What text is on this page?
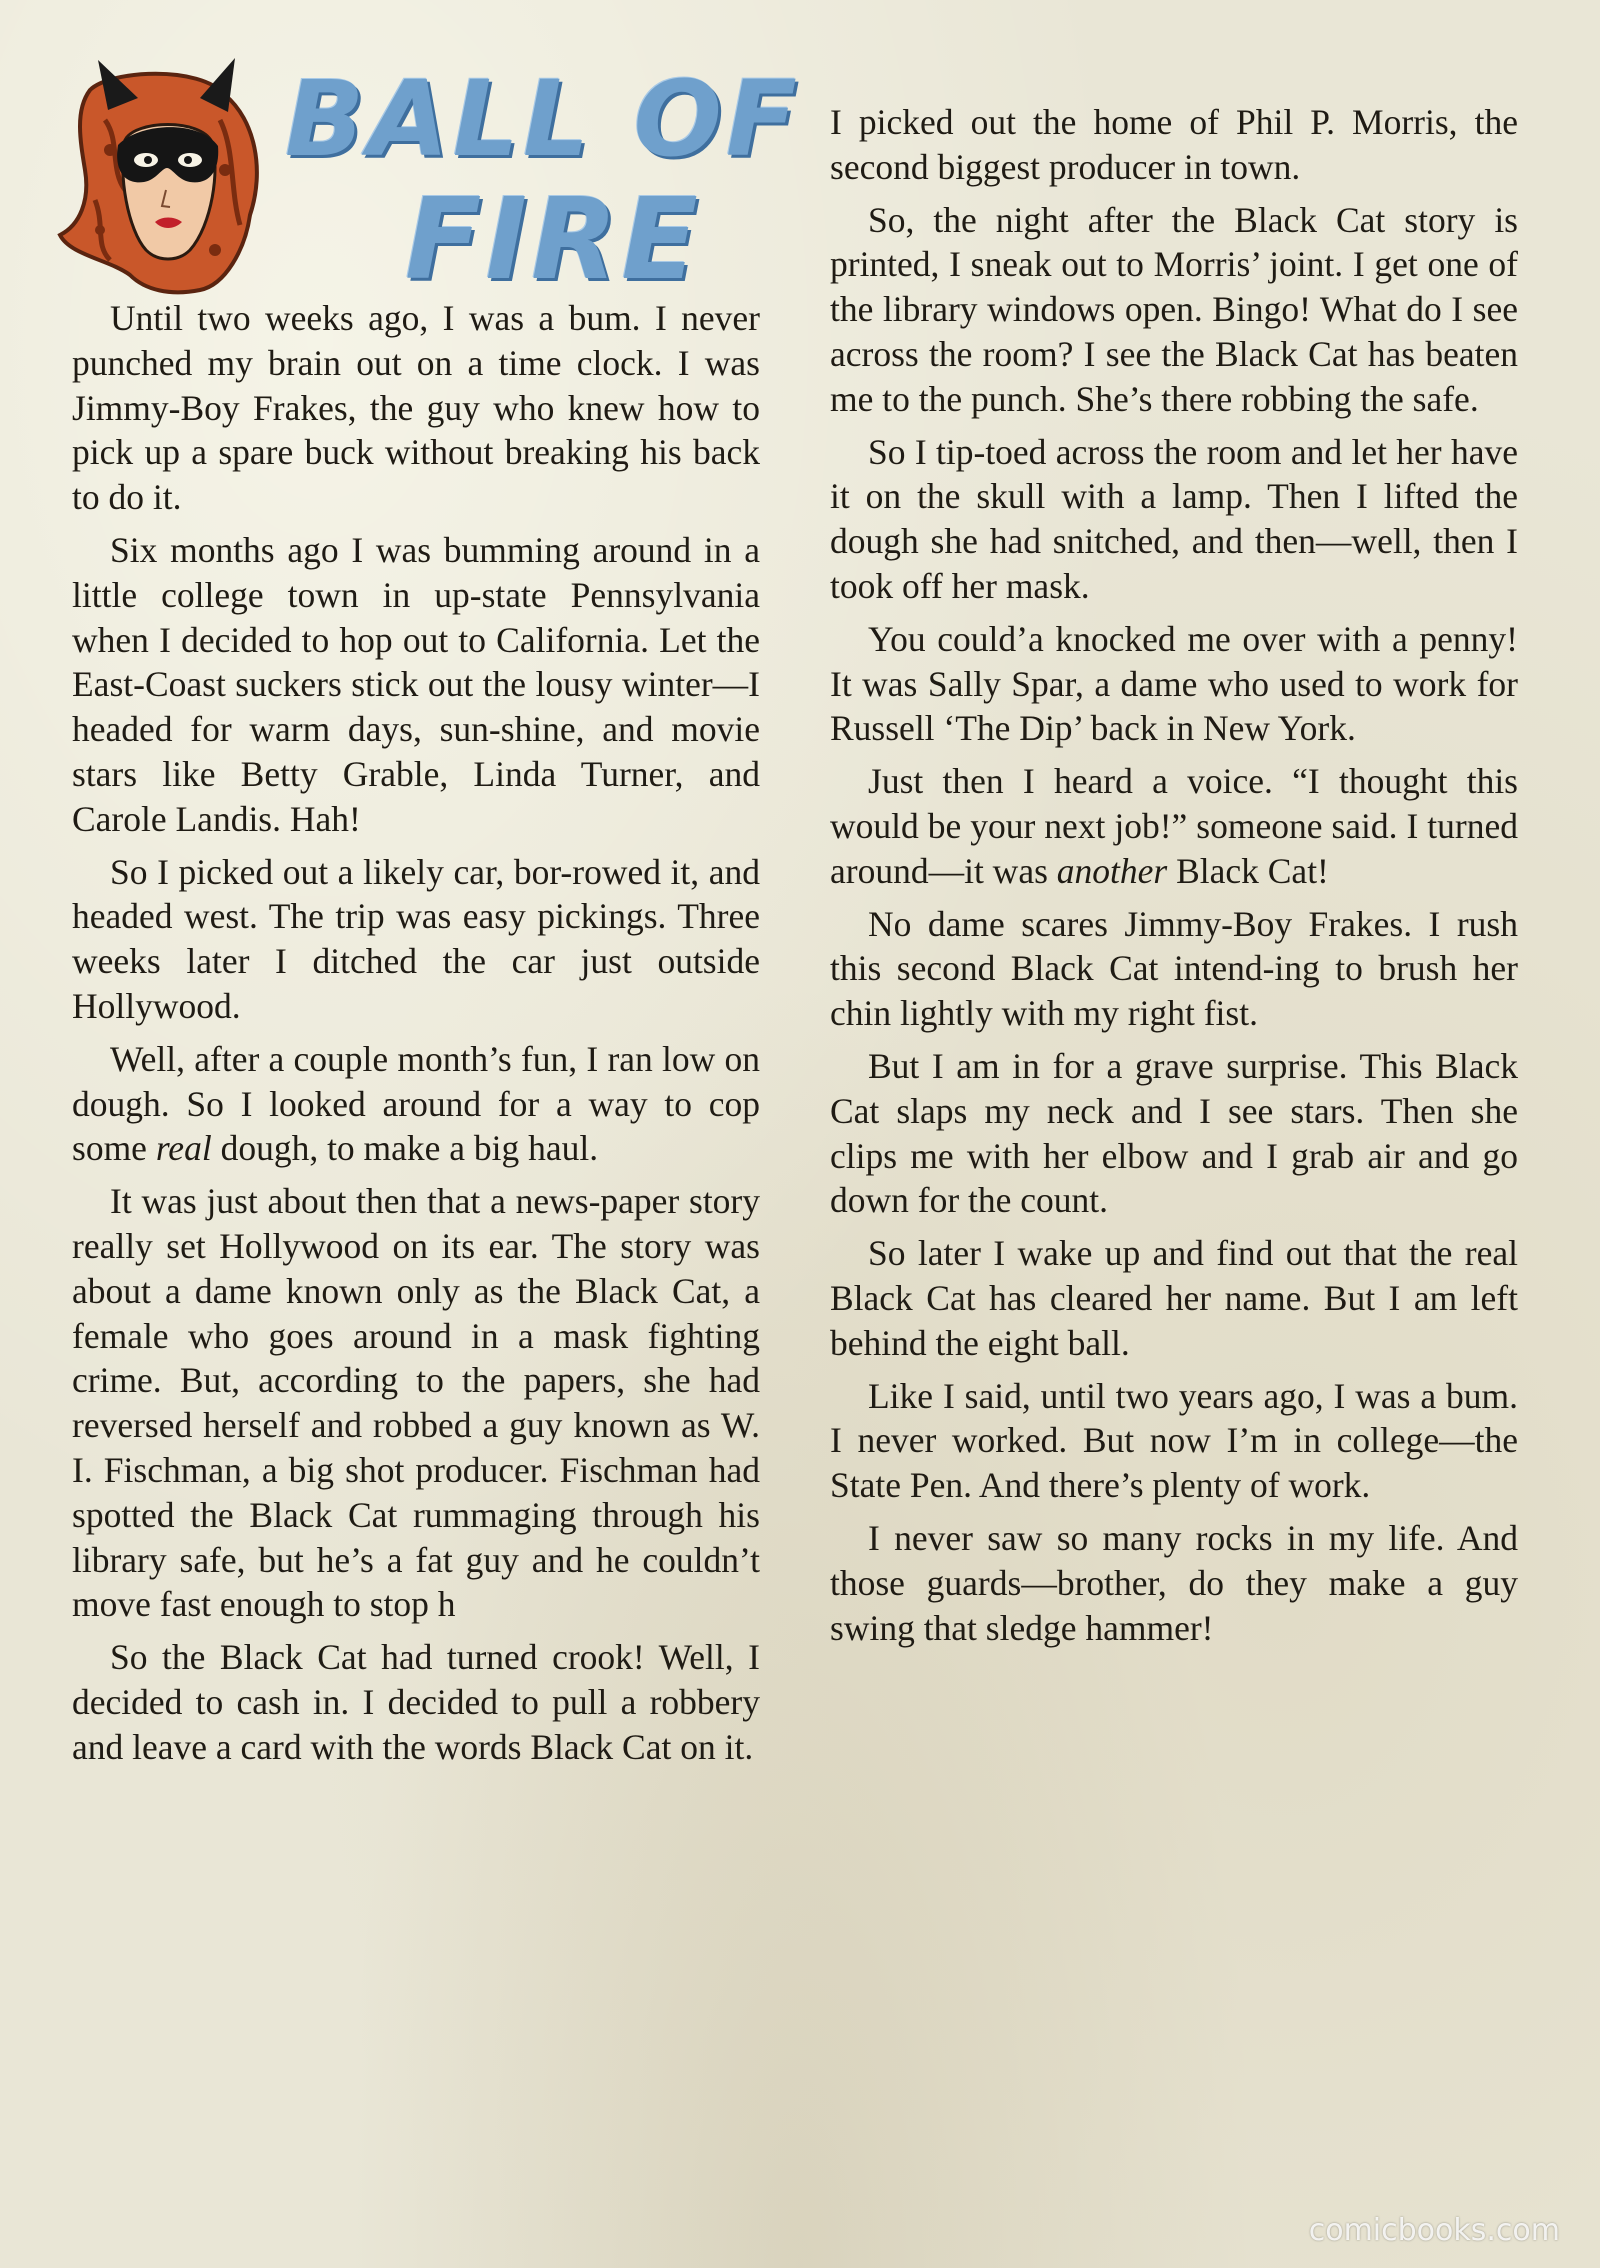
BALL OF
FIRE

Until two weeks ago, I was a bum. I never punched my brain out on a time clock. I was Jimmy-Boy Frakes, the guy who knew how to pick up a spare buck without breaking his back to do it.

Six months ago I was bumming around in a little college town in up-state Pennsylvania when I decided to hop out to California. Let the East-Coast suckers stick out the lousy winter—I headed for warm days, sun-shine, and movie stars like Betty Grable, Linda Turner, and Carole Landis. Hah!

So I picked out a likely car, bor-rowed it, and headed west. The trip was easy pickings. Three weeks later I ditched the car just outside Hollywood.

Well, after a couple month’s fun, I ran low on dough. So I looked around for a way to cop some real dough, to make a big haul.

It was just about then that a news-paper story really set Hollywood on its ear. The story was about a dame known only as the Black Cat, a female who goes around in a mask fighting crime. But, according to the papers, she had reversed herself and robbed a guy known as W. I. Fischman, a big shot producer. Fischman had spotted the Black Cat rummaging through his library safe, but he’s a fat guy and he couldn’t move fast enough to stop h

So the Black Cat had turned crook! Well, I decided to cash in. I decided to pull a robbery and leave a card with the words Black Cat on it.

I picked out the home of Phil P. Morris, the second biggest producer in town.

So, the night after the Black Cat story is printed, I sneak out to Morris’ joint. I get one of the library windows open. Bingo! What do I see across the room? I see the Black Cat has beaten me to the punch. She’s there robbing the safe.

So I tip-toed across the room and let her have it on the skull with a lamp. Then I lifted the dough she had snitched, and then—well, then I took off her mask.

You could’a knocked me over with a penny! It was Sally Spar, a dame who used to work for Russell ‘The Dip’ back in New York.

Just then I heard a voice. “I thought this would be your next job!” someone said. I turned around—it was another Black Cat!

No dame scares Jimmy-Boy Frakes. I rush this second Black Cat intend-ing to brush her chin lightly with my right fist.

But I am in for a grave surprise. This Black Cat slaps my neck and I see stars. Then she clips me with her elbow and I grab air and go down for the count.

So later I wake up and find out that the real Black Cat has cleared her name. But I am left behind the eight ball.

Like I said, until two years ago, I was a bum. I never worked. But now I’m in college—the State Pen. And there’s plenty of work.

I never saw so many rocks in my life. And those guards—brother, do they make a guy swing that sledge hammer!

comicbooks.com
